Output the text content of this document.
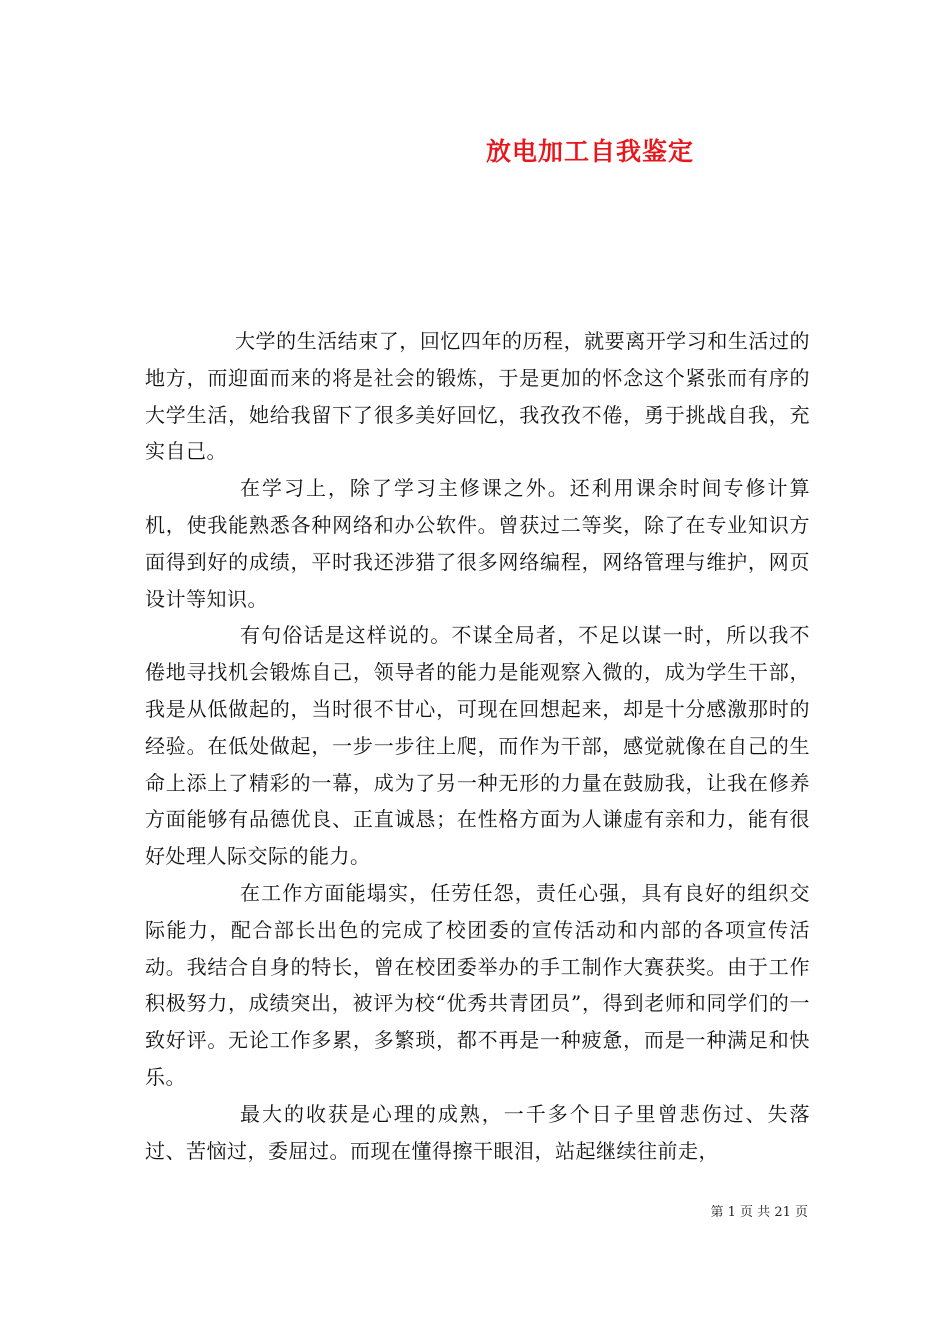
放电加工自我鉴定

大学的生活结束了，回忆四年的历程，就要离开学习和生活过的地方，而迎面而来的将是社会的锻炼，于是更加的怀念这个紧张而有序的大学生活，她给我留下了很多美好回忆，我孜孜不倦，勇于挑战自我，充实自己。

在学习上，除了学习主修课之外。还利用课余时间专修计算机，使我能熟悉各种网络和办公软件。曾获过二等奖，除了在专业知识方面得到好的成绩，平时我还涉猎了很多网络编程，网络管理与维护，网页设计等知识。

有句俗话是这样说的。不谋全局者，不足以谋一时，所以我不倦地寻找机会锻炼自己，领导者的能力是能观察入微的，成为学生干部，我是从低做起的，当时很不甘心，可现在回想起来，却是十分感激那时的经验。在低处做起，一步一步往上爬，而作为干部，感觉就像在自己的生命上添上了精彩的一幕，成为了另一种无形的力量在鼓励我，让我在修养方面能够有品德优良、正直诚恳；在性格方面为人谦虚有亲和力，能有很好处理人际交际的能力。

在工作方面能塌实，任劳任怨，责任心强，具有良好的组织交际能力，配合部长出色的完成了校团委的宣传活动和内部的各项宣传活动。我结合自身的特长，曾在校团委举办的手工制作大赛获奖。由于工作积极努力，成绩突出，被评为校“优秀共青团员”，得到老师和同学们的一致好评。无论工作多累，多繁琐，都不再是一种疲惫，而是一种满足和快乐。

最大的收获是心理的成熟，一千多个日子里曾悲伤过、失落过、苦恼过，委屈过。而现在懂得擦干眼泪，站起继续往前走，

第 1 页 共 21 页
